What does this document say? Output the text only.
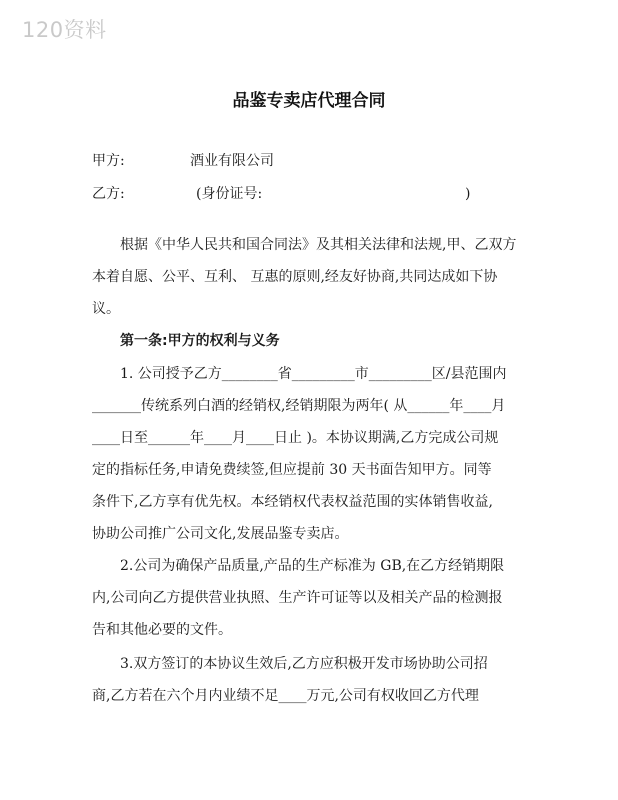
120资料
品鉴专卖店代理合同
甲方:	酒业有限公司
乙方:	(身份证号:	)

根据《中华人民共和国合同法》及其相关法律和法规,甲、乙双方

本着自愿、公平、互利、 互惠的原则,经友好协商,共同达成如下协

议。

第一条:甲方的权利与义务

1. 公司授予乙方________省_________市_________区/县范围内

_______传统系列白酒的经销权,经销期限为两年( 从______年____月

____日至______年____月____日止 )。本协议期满,乙方完成公司规

定的指标任务,申请免费续签,但应提前 30 天书面告知甲方。同等

条件下,乙方享有优先权。本经销权代表权益范围的实体销售收益,

协助公司推广公司文化,发展品鉴专卖店。

2.公司为确保产品质量,产品的生产标准为 GB,在乙方经销期限

内,公司向乙方提供营业执照、生产许可证等以及相关产品的检测报

告和其他必要的文件。

3.双方签订的本协议生效后,乙方应积极开发市场协助公司招

商,乙方若在六个月内业绩不足____万元,公司有权收回乙方代理
